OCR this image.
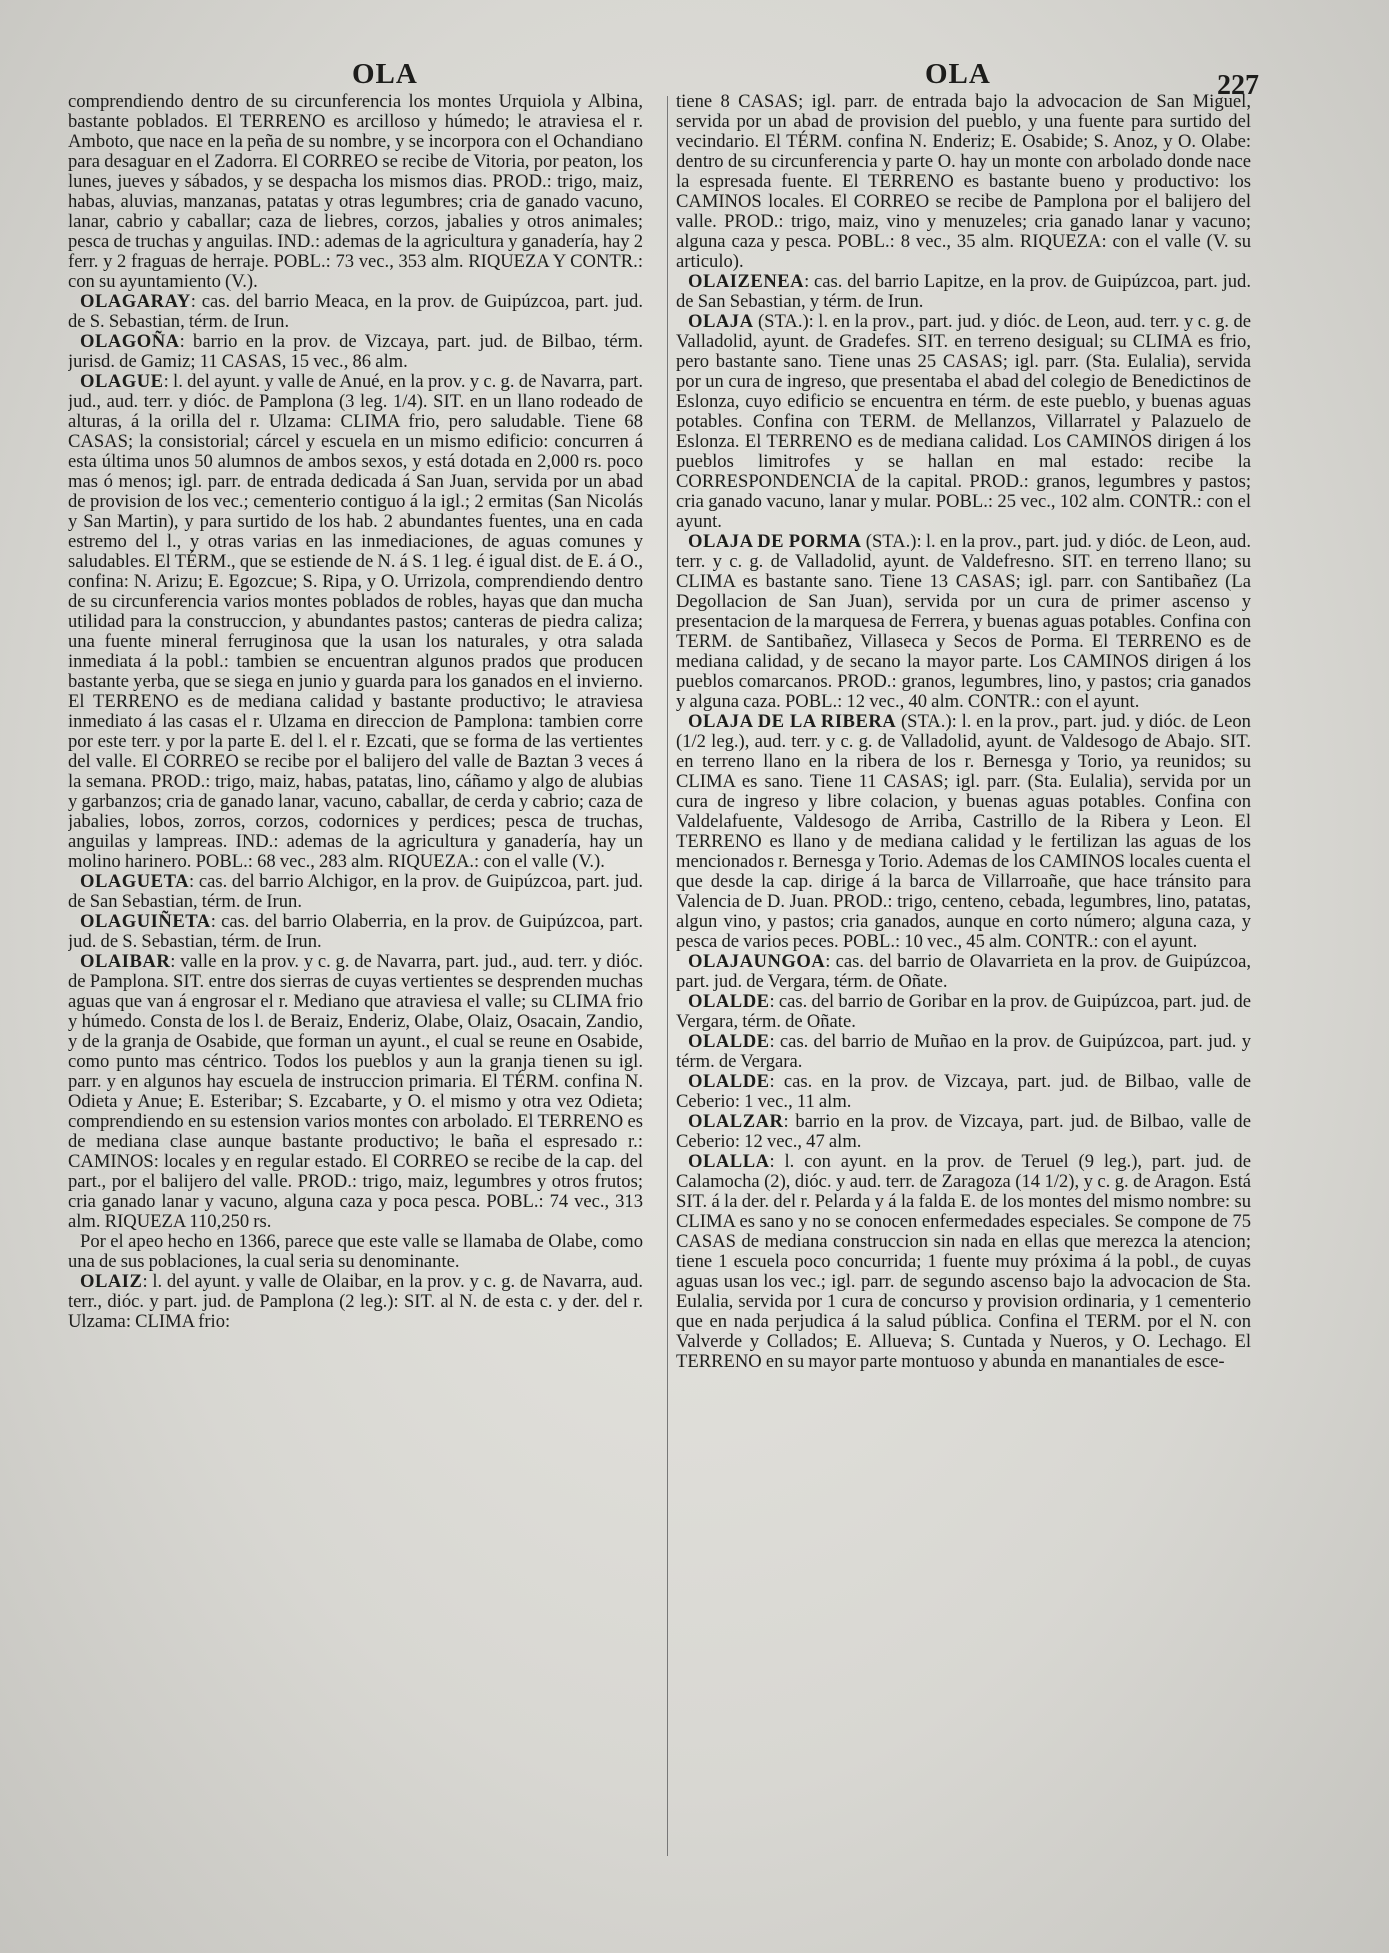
OLA	OLA	227

comprendiendo dentro de su circunferencia los montes Urquiola y Albina, bastante poblados. El TERRENO es arcilloso y húmedo; le atraviesa el r. Amboto, que nace en la peña de su nombre, y se incorpora con el Ochandiano para desaguar en el Zadorra. El CORREO se recibe de Vitoria, por peaton, los lunes, jueves y sábados, y se despacha los mismos dias. PROD.: trigo, maiz, habas, aluvias, manzanas, patatas y otras legumbres; cria de ganado vacuno, lanar, cabrio y caballar; caza de liebres, corzos, jabalies y otros animales; pesca de truchas y anguilas. IND.: ademas de la agricultura y ganadería, hay 2 ferr. y 2 fraguas de herraje. POBL.: 73 vec., 353 alm. RIQUEZA Y CONTR.: con su ayuntamiento (V.).

OLAGARAY: cas. del barrio Meaca, en la prov. de Guipúzcoa, part. jud. de S. Sebastian, térm. de Irun.

OLAGOÑA: barrio en la prov. de Vizcaya, part. jud. de Bilbao, térm. jurisd. de Gamiz; 11 CASAS, 15 vec., 86 alm.

OLAGUE: l. del ayunt. y valle de Anué, en la prov. y c. g. de Navarra, part. jud., aud. terr. y dióc. de Pamplona (3 leg. 1/4). SIT. en un llano rodeado de alturas, á la orilla del r. Ulzama: CLIMA frio, pero saludable. Tiene 68 CASAS; la consistorial; cárcel y escuela en un mismo edificio: concurren á esta última unos 50 alumnos de ambos sexos, y está dotada en 2,000 rs. poco mas ó menos; igl. parr. de entrada dedicada á San Juan, servida por un abad de provision de los vec.; cementerio contiguo á la igl.; 2 ermitas (San Nicolás y San Martin), y para surtido de los hab. 2 abundantes fuentes, una en cada estremo del l., y otras varias en las inmediaciones, de aguas comunes y saludables. El TÉRM., que se estiende de N. á S. 1 leg. é igual dist. de E. á O., confina: N. Arizu; E. Egozcue; S. Ripa, y O. Urrizola, comprendiendo dentro de su circunferencia varios montes poblados de robles, hayas que dan mucha utilidad para la construccion, y abundantes pastos; canteras de piedra caliza; una fuente mineral ferruginosa que la usan los naturales, y otra salada inmediata á la pobl.: tambien se encuentran algunos prados que producen bastante yerba, que se siega en junio y guarda para los ganados en el invierno. El TERRENO es de mediana calidad y bastante productivo; le atraviesa inmediato á las casas el r. Ulzama en direccion de Pamplona: tambien corre por este terr. y por la parte E. del l. el r. Ezcati, que se forma de las vertientes del valle. El CORREO se recibe por el balijero del valle de Baztan 3 veces á la semana. PROD.: trigo, maiz, habas, patatas, lino, cáñamo y algo de alubias y garbanzos; cria de ganado lanar, vacuno, caballar, de cerda y cabrio; caza de jabalies, lobos, zorros, corzos, codornices y perdices; pesca de truchas, anguilas y lampreas. IND.: ademas de la agricultura y ganadería, hay un molino harinero. POBL.: 68 vec., 283 alm. RIQUEZA.: con el valle (V.).

OLAGUETA: cas. del barrio Alchigor, en la prov. de Guipúzcoa, part. jud. de San Sebastian, térm. de Irun.

OLAGUIÑETA: cas. del barrio Olaberria, en la prov. de Guipúzcoa, part. jud. de S. Sebastian, térm. de Irun.

OLAIBAR: valle en la prov. y c. g. de Navarra, part. jud., aud. terr. y dióc. de Pamplona. SIT. entre dos sierras de cuyas vertientes se desprenden muchas aguas que van á engrosar el r. Mediano que atraviesa el valle; su CLIMA frio y húmedo. Consta de los l. de Beraiz, Enderiz, Olabe, Olaiz, Osacain, Zandio, y de la granja de Osabide, que forman un ayunt., el cual se reune en Osabide, como punto mas céntrico. Todos los pueblos y aun la granja tienen su igl. parr. y en algunos hay escuela de instruccion primaria. El TÉRM. confina N. Odieta y Anue; E. Esteribar; S. Ezcabarte, y O. el mismo y otra vez Odieta; comprendiendo en su estension varios montes con arbolado. El TERRENO es de mediana clase aunque bastante productivo; le baña el espresado r.: CAMINOS: locales y en regular estado. El CORREO se recibe de la cap. del part., por el balijero del valle. PROD.: trigo, maiz, legumbres y otros frutos; cria ganado lanar y vacuno, alguna caza y poca pesca. POBL.: 74 vec., 313 alm. RIQUEZA 110,250 rs.

Por el apeo hecho en 1366, parece que este valle se llamaba de Olabe, como una de sus poblaciones, la cual seria su denominante.

OLAIZ: l. del ayunt. y valle de Olaibar, en la prov. y c. g. de Navarra, aud. terr., dióc. y part. jud. de Pamplona (2 leg.): SIT. al N. de esta c. y der. del r. Ulzama: CLIMA frio:

tiene 8 CASAS; igl. parr. de entrada bajo la advocacion de San Miguel, servida por un abad de provision del pueblo, y una fuente para surtido del vecindario. El TÉRM. confina N. Enderiz; E. Osabide; S. Anoz, y O. Olabe: dentro de su circunferencia y parte O. hay un monte con arbolado donde nace la espresada fuente. El TERRENO es bastante bueno y productivo: los CAMINOS locales. El CORREO se recibe de Pamplona por el balijero del valle. PROD.: trigo, maiz, vino y menuzeles; cria ganado lanar y vacuno; alguna caza y pesca. POBL.: 8 vec., 35 alm. RIQUEZA: con el valle (V. su articulo).

OLAIZENEA: cas. del barrio Lapitze, en la prov. de Guipúzcoa, part. jud. de San Sebastian, y térm. de Irun.

OLAJA (STA.): l. en la prov., part. jud. y dióc. de Leon, aud. terr. y c. g. de Valladolid, ayunt. de Gradefes. SIT. en terreno desigual; su CLIMA es frio, pero bastante sano. Tiene unas 25 CASAS; igl. parr. (Sta. Eulalia), servida por un cura de ingreso, que presentaba el abad del colegio de Benedictinos de Eslonza, cuyo edificio se encuentra en térm. de este pueblo, y buenas aguas potables. Confina con TERM. de Mellanzos, Villarratel y Palazuelo de Eslonza. El TERRENO es de mediana calidad. Los CAMINOS dirigen á los pueblos limitrofes y se hallan en mal estado: recibe la CORRESPONDENCIA de la capital. PROD.: granos, legumbres y pastos; cria ganado vacuno, lanar y mular. POBL.: 25 vec., 102 alm. CONTR.: con el ayunt.

OLAJA DE PORMA (STA.): l. en la prov., part. jud. y dióc. de Leon, aud. terr. y c. g. de Valladolid, ayunt. de Valdefresno. SIT. en terreno llano; su CLIMA es bastante sano. Tiene 13 CASAS; igl. parr. con Santibañez (La Degollacion de San Juan), servida por un cura de primer ascenso y presentacion de la marquesa de Ferrera, y buenas aguas potables. Confina con TERM. de Santibañez, Villaseca y Secos de Porma. El TERRENO es de mediana calidad, y de secano la mayor parte. Los CAMINOS dirigen á los pueblos comarcanos. PROD.: granos, legumbres, lino, y pastos; cria ganados y alguna caza. POBL.: 12 vec., 40 alm. CONTR.: con el ayunt.

OLAJA DE LA RIBERA (STA.): l. en la prov., part. jud. y dióc. de Leon (1/2 leg.), aud. terr. y c. g. de Valladolid, ayunt. de Valdesogo de Abajo. SIT. en terreno llano en la ribera de los r. Bernesga y Torio, ya reunidos; su CLIMA es sano. Tiene 11 CASAS; igl. parr. (Sta. Eulalia), servida por un cura de ingreso y libre colacion, y buenas aguas potables. Confina con Valdelafuente, Valdesogo de Arriba, Castrillo de la Ribera y Leon. El TERRENO es llano y de mediana calidad y le fertilizan las aguas de los mencionados r. Bernesga y Torio. Ademas de los CAMINOS locales cuenta el que desde la cap. dirige á la barca de Villarroañe, que hace tránsito para Valencia de D. Juan. PROD.: trigo, centeno, cebada, legumbres, lino, patatas, algun vino, y pastos; cria ganados, aunque en corto número; alguna caza, y pesca de varios peces. POBL.: 10 vec., 45 alm. CONTR.: con el ayunt.

OLAJAUNGOA: cas. del barrio de Olavarrieta en la prov. de Guipúzcoa, part. jud. de Vergara, térm. de Oñate.

OLALDE: cas. del barrio de Goribar en la prov. de Guipúzcoa, part. jud. de Vergara, térm. de Oñate.

OLALDE: cas. del barrio de Muñao en la prov. de Guipúzcoa, part. jud. y térm. de Vergara.

OLALDE: cas. en la prov. de Vizcaya, part. jud. de Bilbao, valle de Ceberio: 1 vec., 11 alm.

OLALZAR: barrio en la prov. de Vizcaya, part. jud. de Bilbao, valle de Ceberio: 12 vec., 47 alm.

OLALLA: l. con ayunt. en la prov. de Teruel (9 leg.), part. jud. de Calamocha (2), dióc. y aud. terr. de Zaragoza (14 1/2), y c. g. de Aragon. Está SIT. á la der. del r. Pelarda y á la falda E. de los montes del mismo nombre: su CLIMA es sano y no se conocen enfermedades especiales. Se compone de 75 CASAS de mediana construccion sin nada en ellas que merezca la atencion; tiene 1 escuela poco concurrida; 1 fuente muy próxima á la pobl., de cuyas aguas usan los vec.; igl. parr. de segundo ascenso bajo la advocacion de Sta. Eulalia, servida por 1 cura de concurso y provision ordinaria, y 1 cementerio que en nada perjudica á la salud pública. Confina el TERM. por el N. con Valverde y Collados; E. Allueva; S. Cuntada y Nueros, y O. Lechago. El TERRENO en su mayor parte montuoso y abunda en manantiales de esce-
